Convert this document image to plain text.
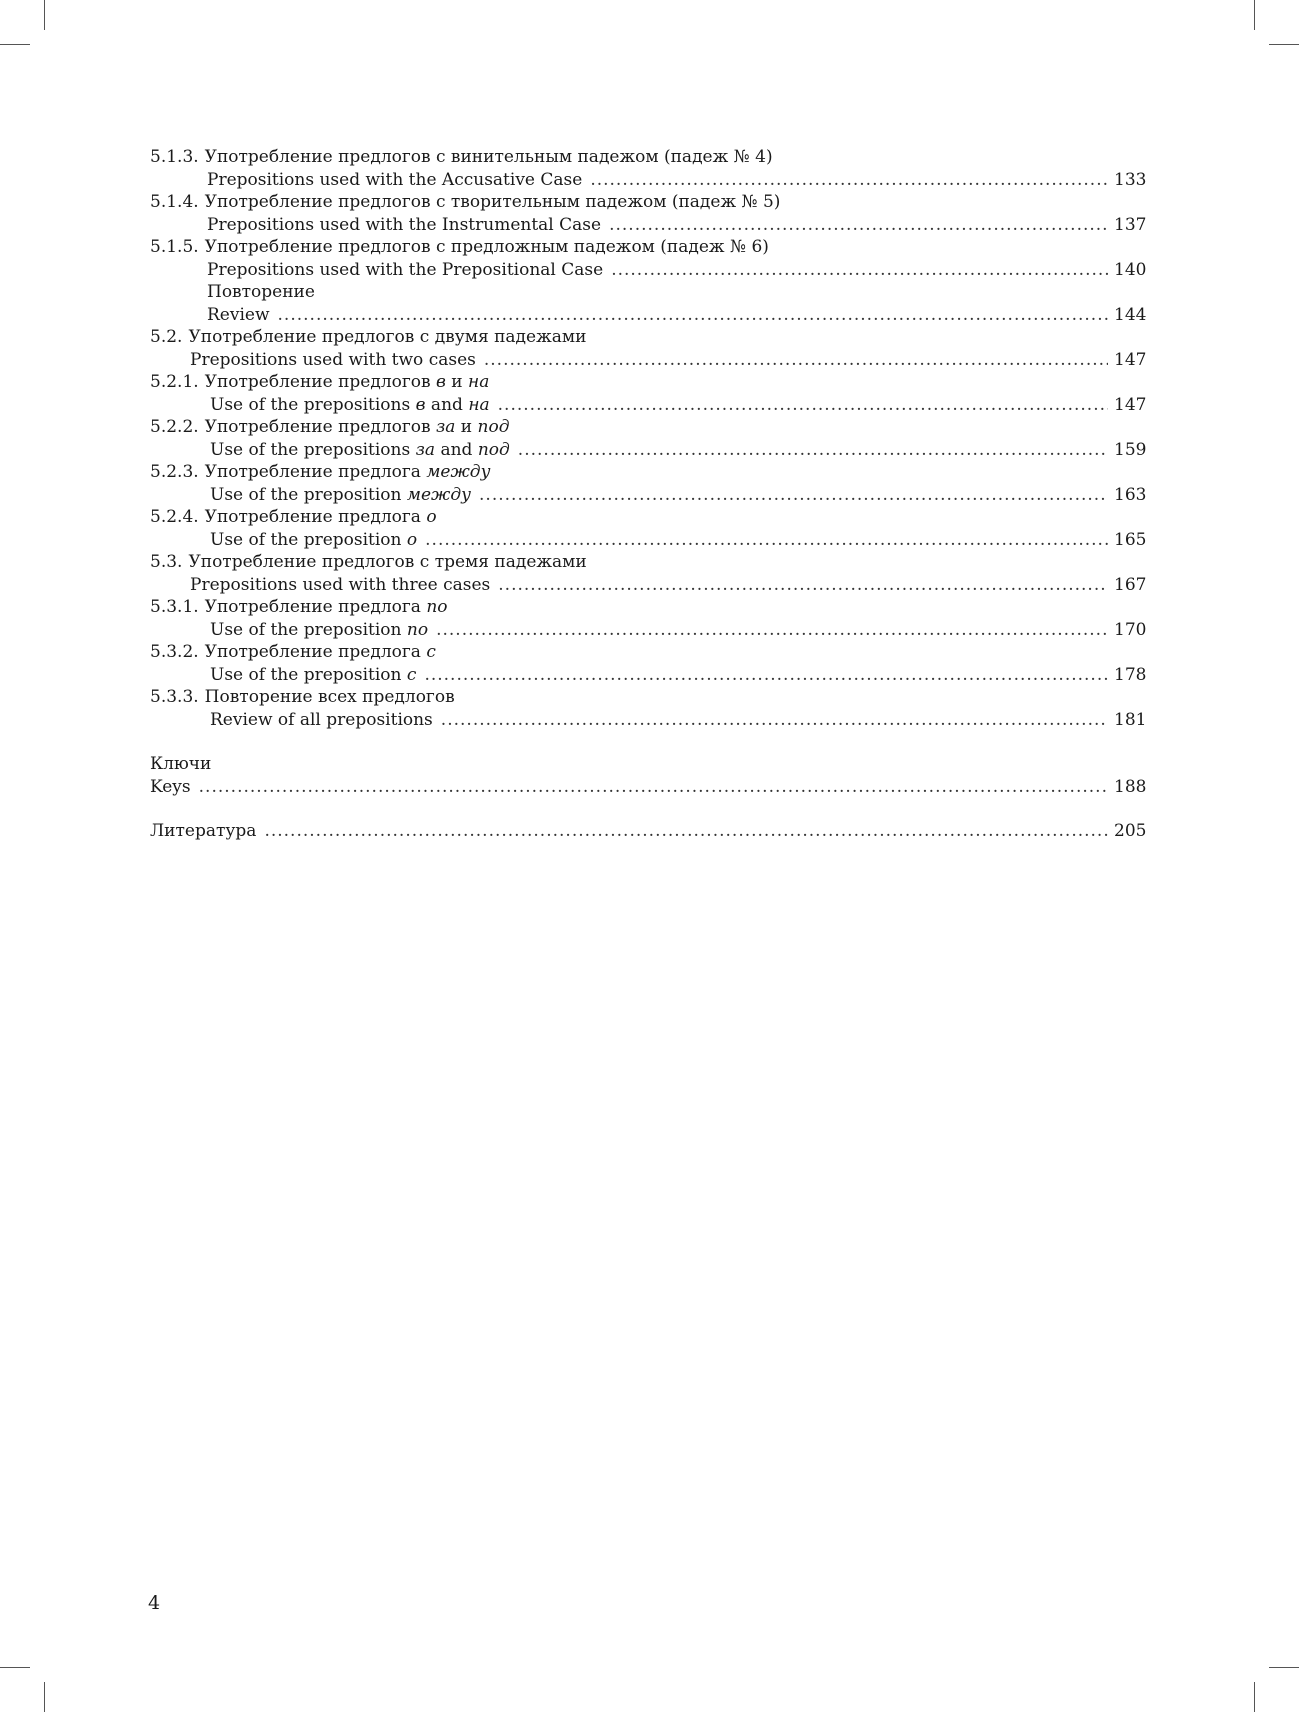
5.1.3. Употребление предлогов с винительным падежом (падеж № 4)
Prepositions used with the Accusative Case .....	133
5.1.4. Употребление предлогов с творительным падежом (падеж № 5)
Prepositions used with the Instrumental Case .....	137
5.1.5. Употребление предлогов с предложным падежом (падеж № 6)
Prepositions used with the Prepositional Case .....	140
Повторение
Review .....	144
5.2. Употребление предлогов с двумя падежами
Prepositions used with two cases .....	147
5.2.1. Употребление предлогов в и на
Use of the prepositions в and на .....	147
5.2.2. Употребление предлогов за и под
Use of the prepositions за and под .....	159
5.2.3. Употребление предлога между
Use of the preposition между .....	163
5.2.4. Употребление предлога о
Use of the preposition о .....	165
5.3. Употребление предлогов с тремя падежами
Prepositions used with three cases .....	167
5.3.1. Употребление предлога по
Use of the preposition по .....	170
5.3.2. Употребление предлога с
Use of the preposition с .....	178
5.3.3. Повторение всех предлогов
Review of all prepositions .....	181
Ключи
Keys .....	188
Литература .....	205
4
